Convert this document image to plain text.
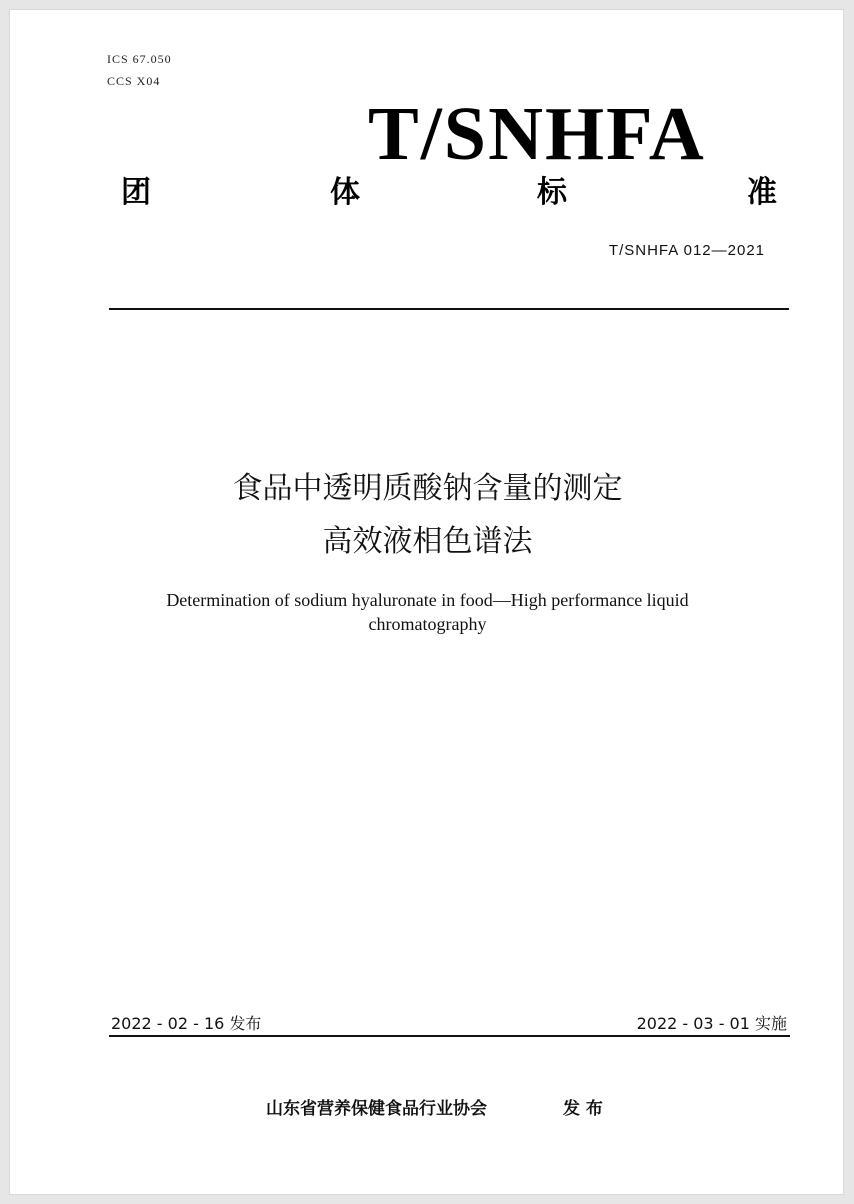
ICS 67.050
CCS X04
T/SNHFA
团	体	标	准
T/SNHFA 012—2021
食品中透明质酸钠含量的测定
高效液相色谱法
Determination of sodium hyaluronate in food—High performance liquid
chromatography
2022 - 02 - 16 发布	2022 - 03 - 01 实施
山东省营养保健食品行业协会	发 布
